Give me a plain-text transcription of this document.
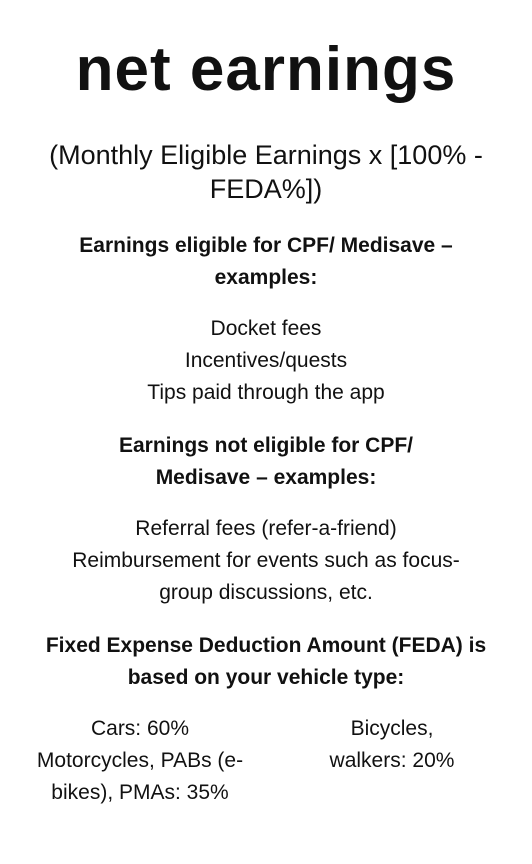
net earnings

(Monthly Eligible Earnings x [100% - FEDA%])

Earnings eligible for CPF/ Medisave – examples:

Docket fees
Incentives/quests
Tips paid through the app

Earnings not eligible for CPF/ Medisave – examples:

Referral fees (refer-a-friend)
Reimbursement for events such as focus-group discussions, etc.

Fixed Expense Deduction Amount (FEDA) is based on your vehicle type:

Cars: 60% Motorcycles, PABs (e-bikes), PMAs: 35%

Bicycles, walkers: 20%
